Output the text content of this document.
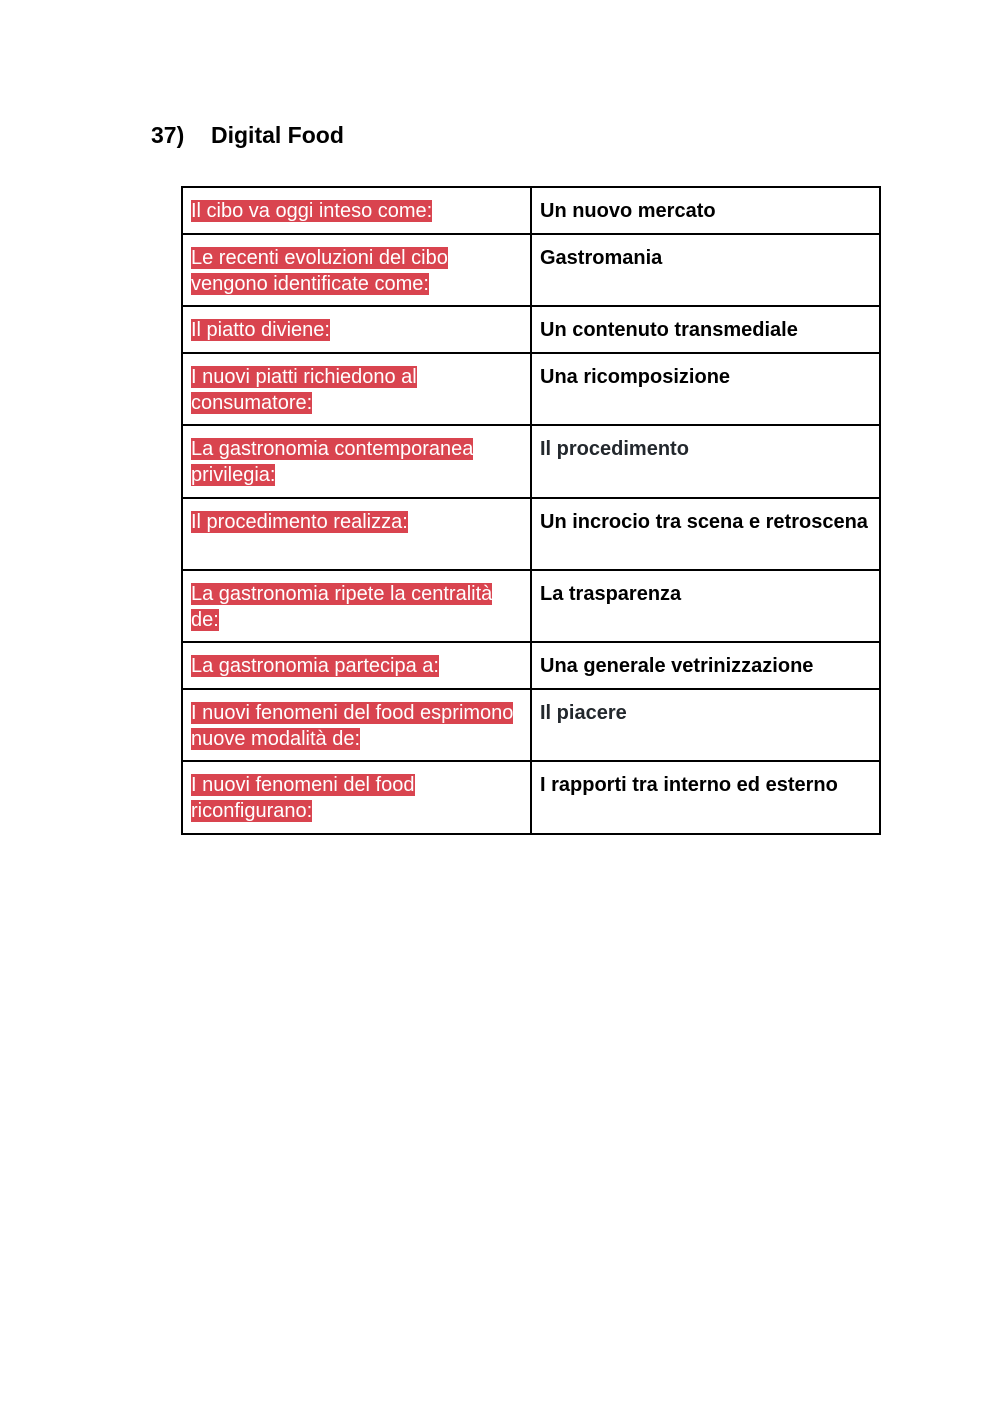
37) Digital Food
Il cibo va oggi inteso come:	Un nuovo mercato
Le recenti evoluzioni del cibo vengono identificate come:	Gastromania
Il piatto diviene:	Un contenuto transmediale
I nuovi piatti richiedono al consumatore:	Una ricomposizione
La gastronomia contemporanea privilegia:	Il procedimento
Il procedimento realizza:	Un incrocio tra scena e retroscena
La gastronomia ripete la centralità de:	La trasparenza
La gastronomia partecipa a:	Una generale vetrinizzazione
I nuovi fenomeni del food esprimono nuove modalità de:	Il piacere
I nuovi fenomeni del food riconfigurano:	I rapporti tra interno ed esterno
